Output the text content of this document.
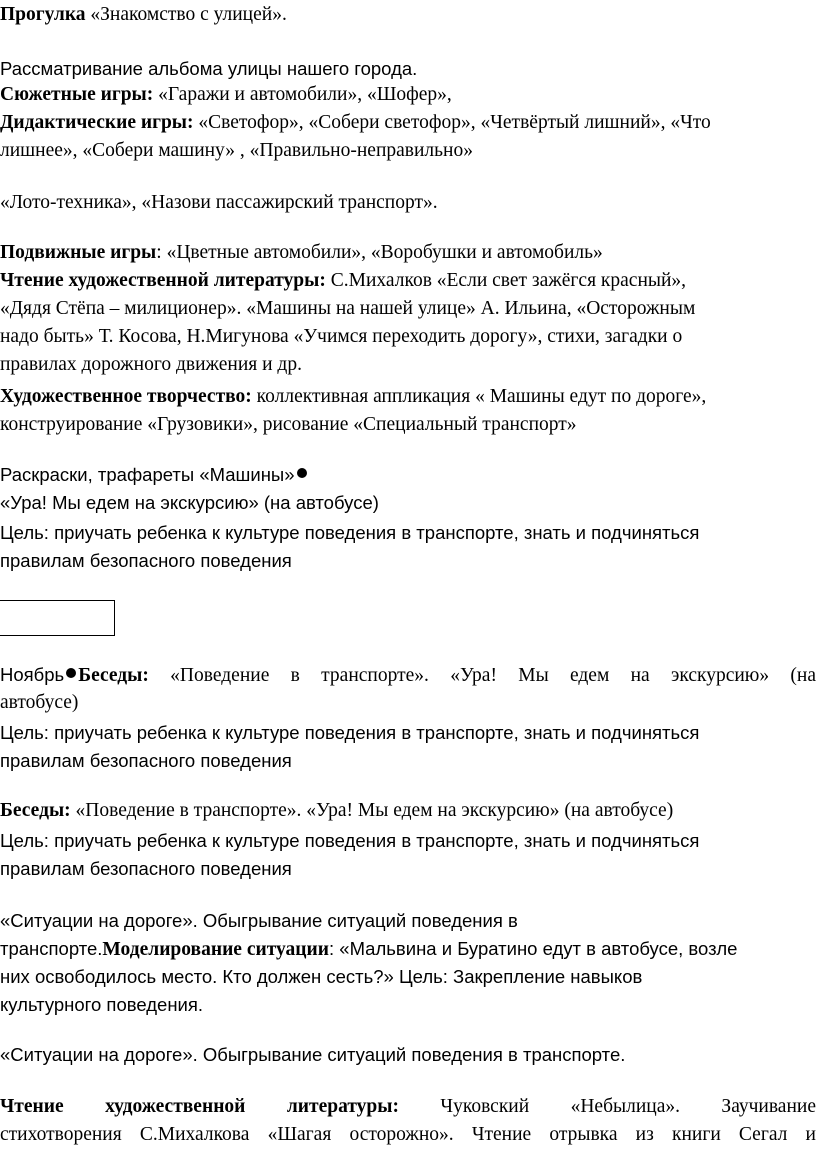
Прогулка «Знакомство с улицей».

Рассматривание альбома улицы нашего города.

Сюжетные игры: «Гаражи и автомобили», «Шофер»,

Дидактические игры: «Светофор», «Собери светофор», «Четвёртый лишний», «Что

лишнее», «Собери машину» , «Правильно-неправильно»

«Лото-техника», «Назови пассажирский транспорт».

Подвижные игры: «Цветные автомобили», «Воробушки и автомобиль»

Чтение художественной литературы: С.Михалков «Если свет зажёгся красный»,

«Дядя Стёпа – милиционер». «Машины на нашей улице» А. Ильина, «Осторожным

надо быть» Т. Косова, Н.Мигунова «Учимся переходить дорогу», стихи, загадки о

правилах дорожного движения и др.

Художественное творчество: коллективная аппликация « Машины едут по дороге»,

конструирование «Грузовики», рисование «Специальный транспорт»

Раскраски, трафареты «Машины»

«Ура! Мы едем на экскурсию» (на автобусе)

Цель: приучать ребенка к культуре поведения в транспорте, знать и подчиняться

правилам безопасного поведения

Ноябрь Беседы: «Поведение в транспорте». «Ура! Мы едем на экскурсию» (на

автобусе)

Цель: приучать ребенка к культуре поведения в транспорте, знать и подчиняться

правилам безопасного поведения

Беседы: «Поведение в транспорте». «Ура! Мы едем на экскурсию» (на автобусе)

Цель: приучать ребенка к культуре поведения в транспорте, знать и подчиняться

правилам безопасного поведения

«Ситуации на дороге». Обыгрывание ситуаций поведения в

транспорте.Моделирование ситуации: «Мальвина и Буратино едут в автобусе, возле

них освободилось место. Кто должен сесть?» Цель: Закрепление навыков

культурного поведения.

«Ситуации на дороге». Обыгрывание ситуаций поведения в транспорте.

Чтение художественной литературы: Чуковский «Небылица». Заучивание

стихотворения С.Михалкова «Шагая осторожно». Чтение отрывка из книги Сегал и
